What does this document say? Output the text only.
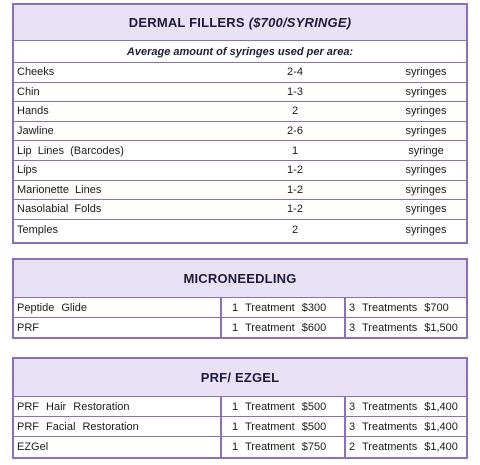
DERMAL FILLERS ($700/SYRINGE)
Average amount of syringes used per area:
Cheeks	2-4	syringes
Chin	1-3	syringes
Hands	2	syringes
Jawline	2-6	syringes
Lip Lines (Barcodes)	1	syringe
Lips	1-2	syringes
Marionette Lines	1-2	syringes
Nasolabial Folds	1-2	syringes
Temples	2	syringes
MICRONEEDLING
Peptide Glide	1 Treatment $300	3 Treatments $700
PRF	1 Treatment $600	3 Treatments $1,500
PRF/ EZGEL
PRF Hair Restoration	1 Treatment $500	3 Treatments $1,400
PRF Facial Restoration	1 Treatment $500	3 Treatments $1,400
EZGel	1 Treatment $750	2 Treatments $1,400
